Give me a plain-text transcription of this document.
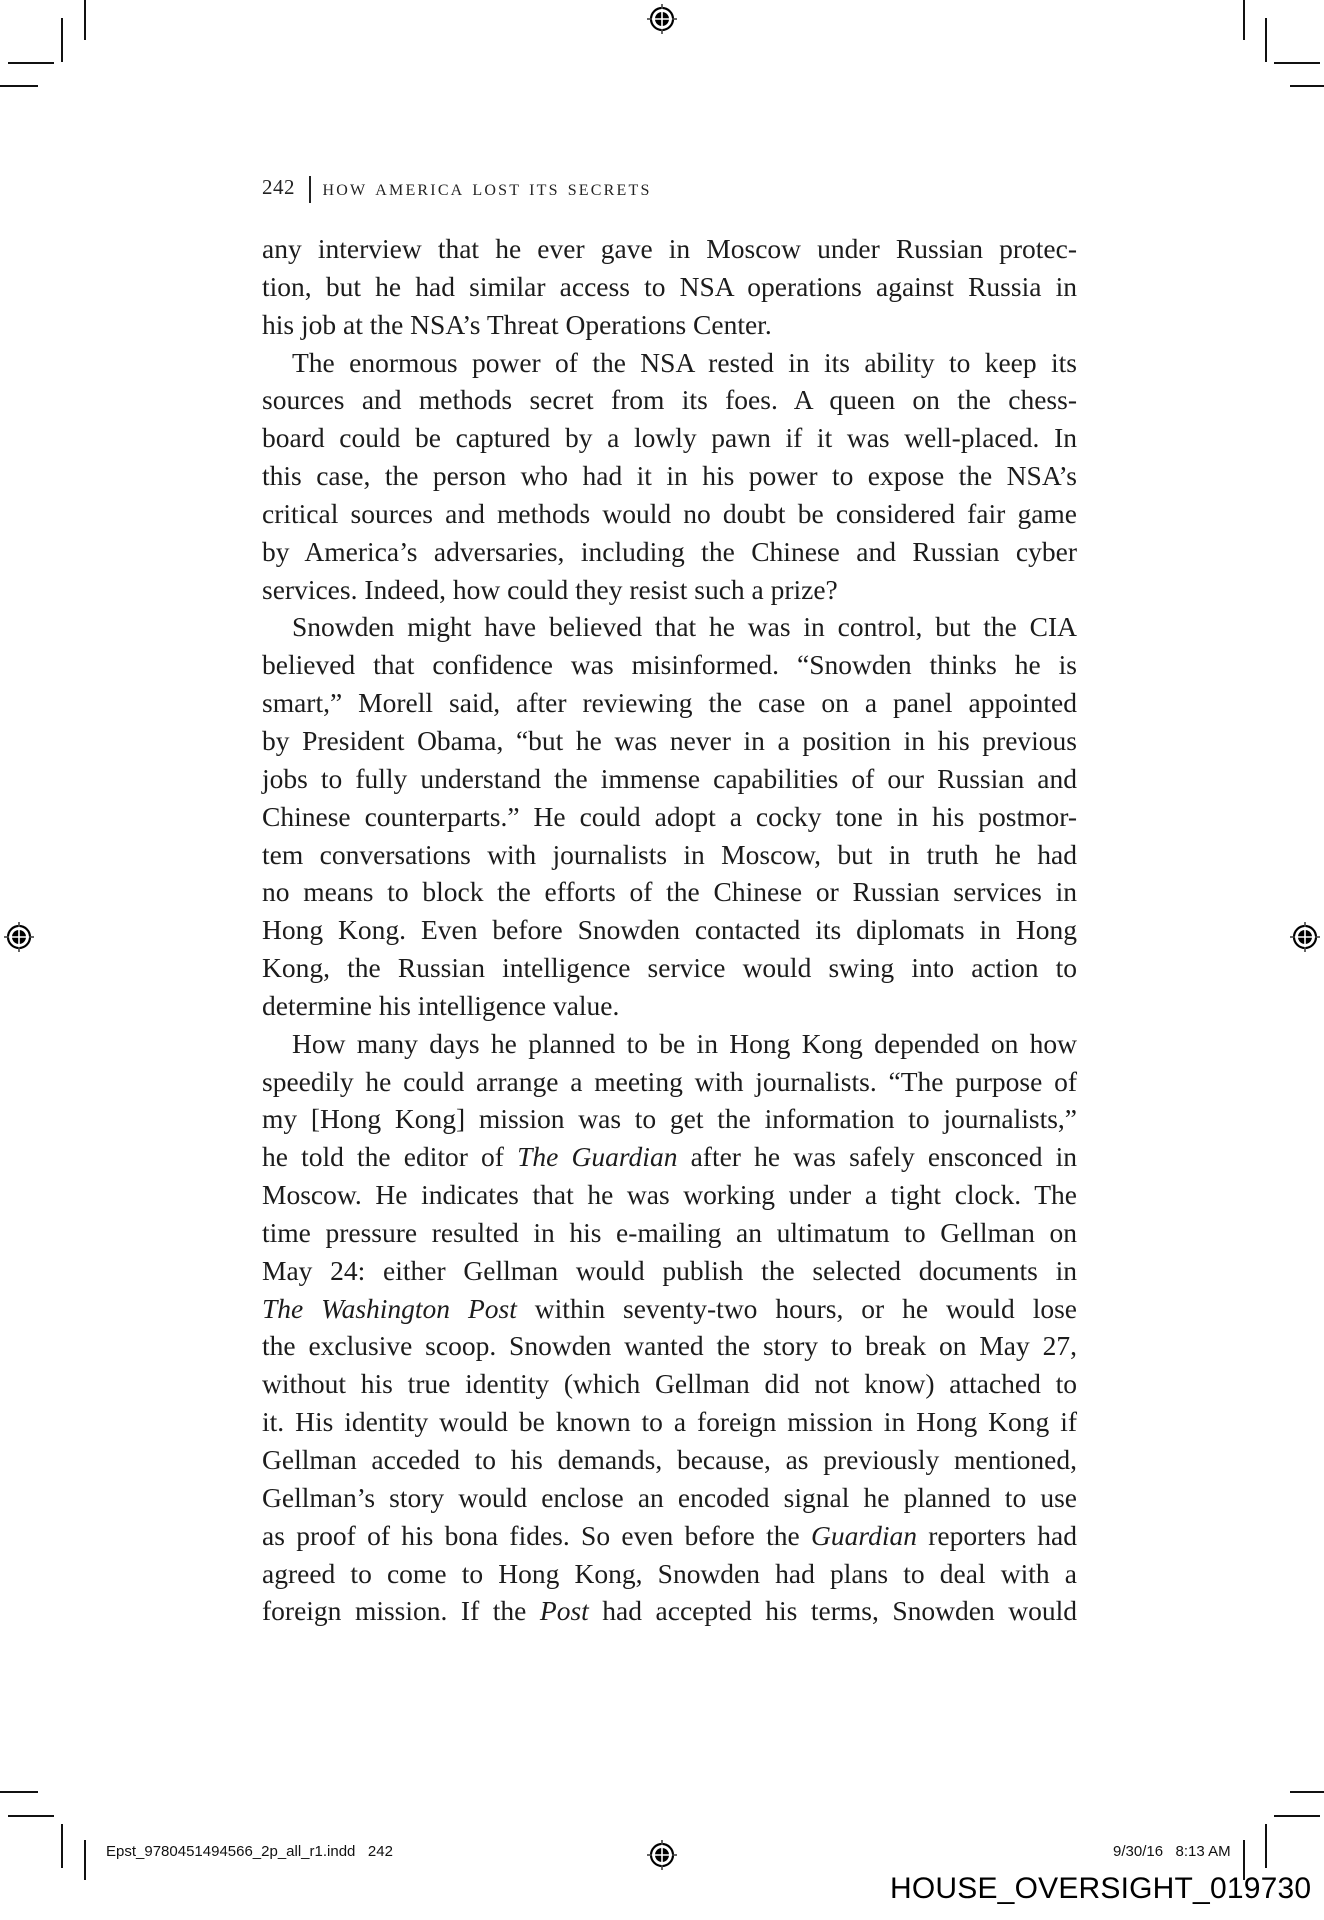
242 how america lost its secrets
any interview that he ever gave in Moscow under Russian protec-
tion, but he had similar access to NSA operations against Russia in
his job at the NSA’s Threat Operations Center.
The enormous power of the NSA rested in its ability to keep its
sources and methods secret from its foes. A queen on the chess-
board could be captured by a lowly pawn if it was well-placed. In
this case, the person who had it in his power to expose the NSA’s
critical sources and methods would no doubt be considered fair game
by America’s adversaries, including the Chinese and Russian cyber
services. Indeed, how could they resist such a prize?
Snowden might have believed that he was in control, but the CIA
believed that confidence was misinformed. “Snowden thinks he is
smart,” Morell said, after reviewing the case on a panel appointed
by President Obama, “but he was never in a position in his previous
jobs to fully understand the immense capabilities of our Russian and
Chinese counterparts.” He could adopt a cocky tone in his postmor-
tem conversations with journalists in Moscow, but in truth he had
no means to block the efforts of the Chinese or Russian services in
Hong Kong. Even before Snowden contacted its diplomats in Hong
Kong, the Russian intelligence service would swing into action to
determine his intelligence value.
How many days he planned to be in Hong Kong depended on how
speedily he could arrange a meeting with journalists. “The purpose of
my [Hong Kong] mission was to get the information to journalists,”
he told the editor of The Guardian after he was safely ensconced in
Moscow. He indicates that he was working under a tight clock. The
time pressure resulted in his e-mailing an ultimatum to Gellman on
May 24: either Gellman would publish the selected documents in
The Washington Post within seventy-two hours, or he would lose
the exclusive scoop. Snowden wanted the story to break on May 27,
without his true identity (which Gellman did not know) attached to
it. His identity would be known to a foreign mission in Hong Kong if
Gellman acceded to his demands, because, as previously mentioned,
Gellman’s story would enclose an encoded signal he planned to use
as proof of his bona fides. So even before the Guardian reporters had
agreed to come to Hong Kong, Snowden had plans to deal with a
foreign mission. If the Post had accepted his terms, Snowden would
Epst_9780451494566_2p_all_r1.indd   242	9/30/16   8:13 AM
HOUSE_OVERSIGHT_019730
